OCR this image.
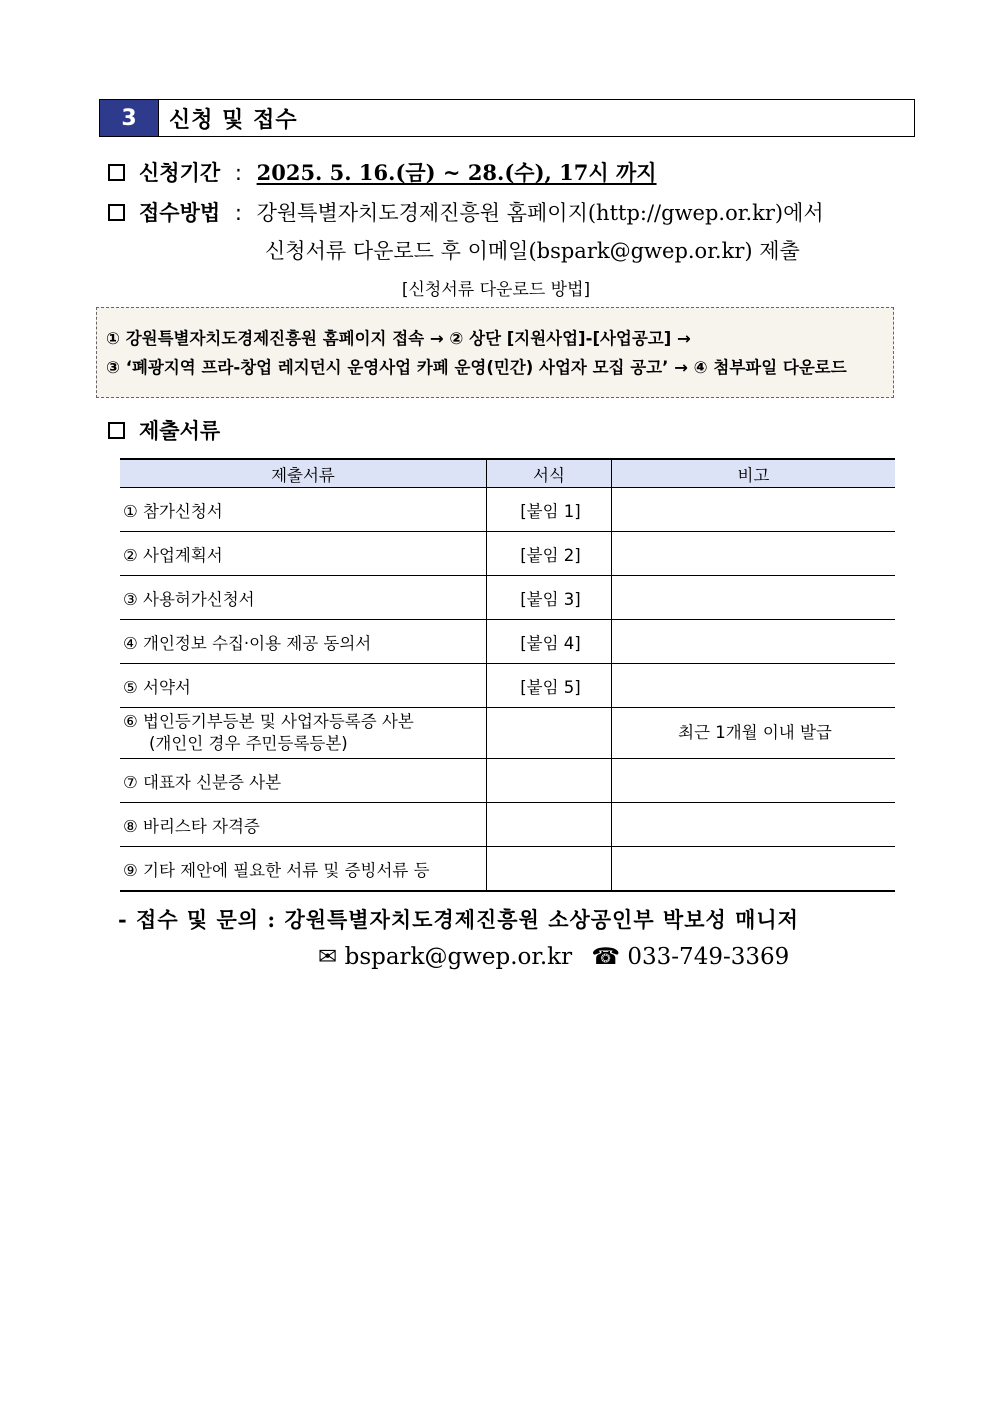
3	신청 및 접수
신청기간 : 2025. 5. 16.(금) ~ 28.(수), 17시 까지
접수방법 : 강원특별자치도경제진흥원 홈페이지(http://gwep.or.kr)에서
신청서류 다운로드 후 이메일(bspark@gwep.or.kr) 제출
[신청서류 다운로드 방법]
① 강원특별자치도경제진흥원 홈페이지 접속 → ② 상단 [지원사업]-[사업공고] →
③ ‘폐광지역 프라-창업 레지던시 운영사업 카페 운영(민간) 사업자 모집 공고’ → ④ 첨부파일 다운로드
제출서류
제출서류	서식	비고
① 참가신청서	[붙임 1]	
② 사업계획서	[붙임 2]	
③ 사용허가신청서	[붙임 3]	
④ 개인정보 수집·이용 제공 동의서	[붙임 4]	
⑤ 서약서	[붙임 5]	

⑥ 법인등기부등본 및 사업자등록증 사본
(개인인 경우 주민등록등본)		최근 1개월 이내 발급
⑦ 대표자 신분증 사본		
⑧ 바리스타 자격증		
⑨ 기타 제안에 필요한 서류 및 증빙서류 등		
- 접수 및 문의 : 강원특별자치도경제진흥원 소상공인부 박보성 매니저
✉ bspark@gwep.or.kr ☎ 033-749-3369
